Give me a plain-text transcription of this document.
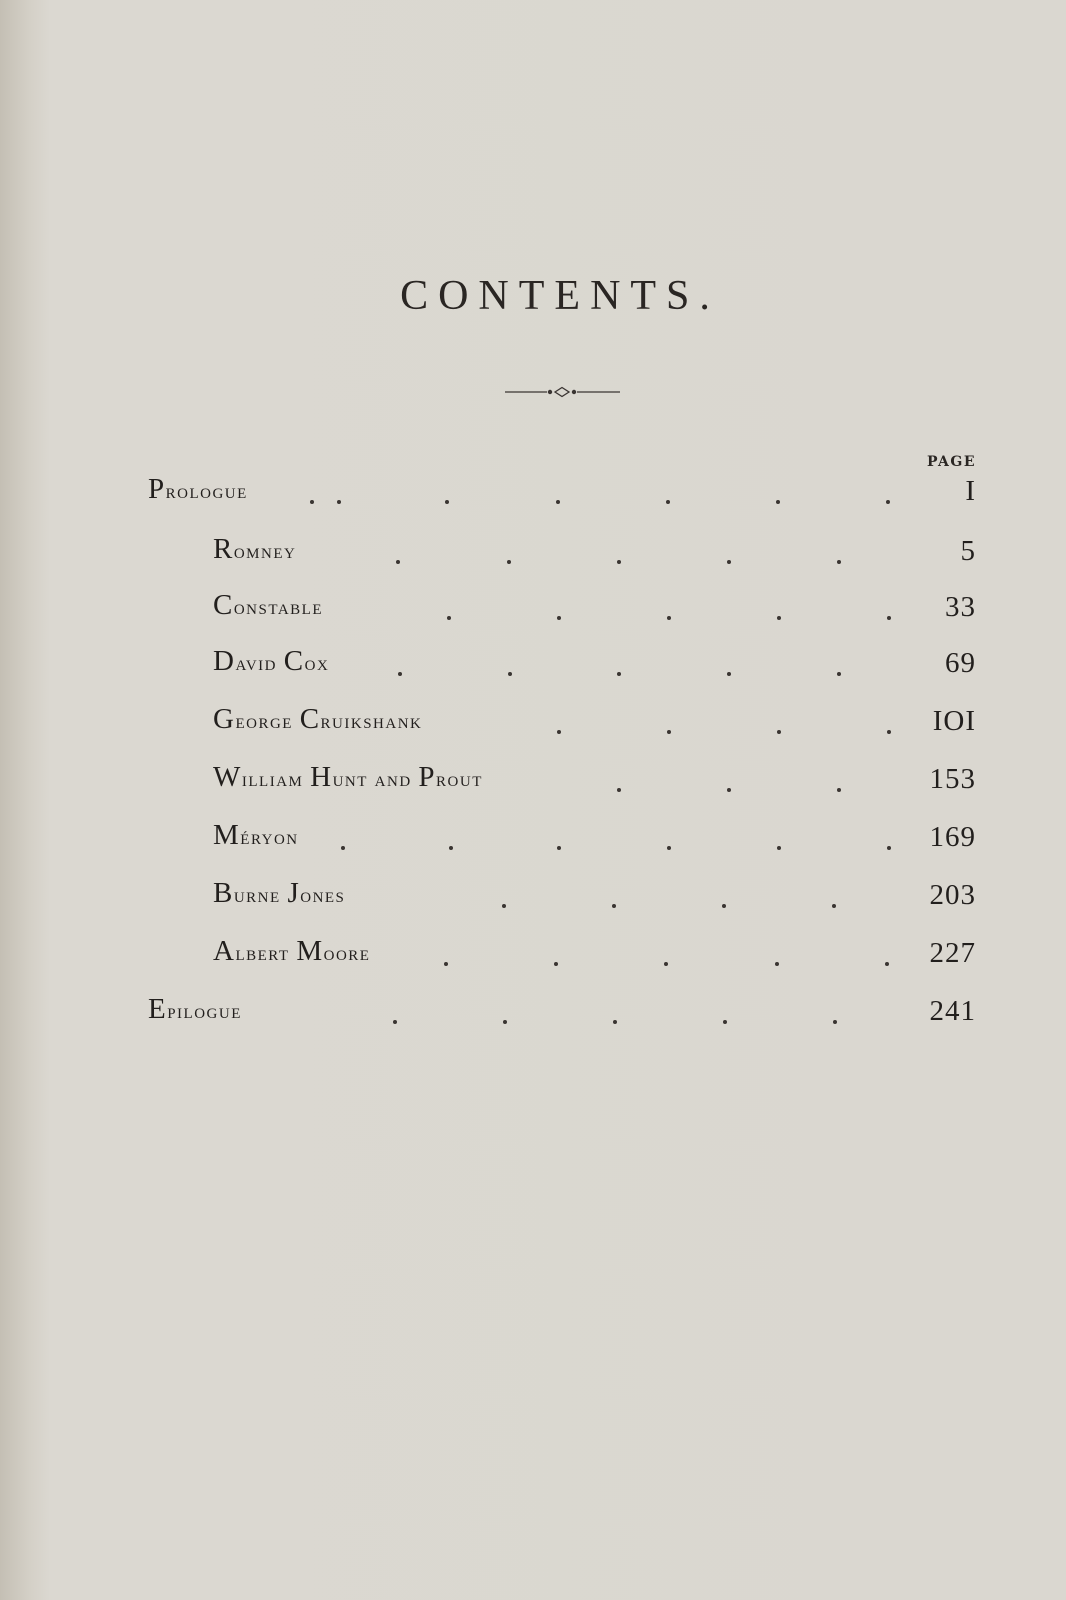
CONTENTS.
PAGE
Prologue	I
Romney	5
Constable	33
David Cox	69
George Cruikshank	IOI
William Hunt and Prout	153
Méryon	169
Burne Jones	203
Albert Moore	227
Epilogue	241
